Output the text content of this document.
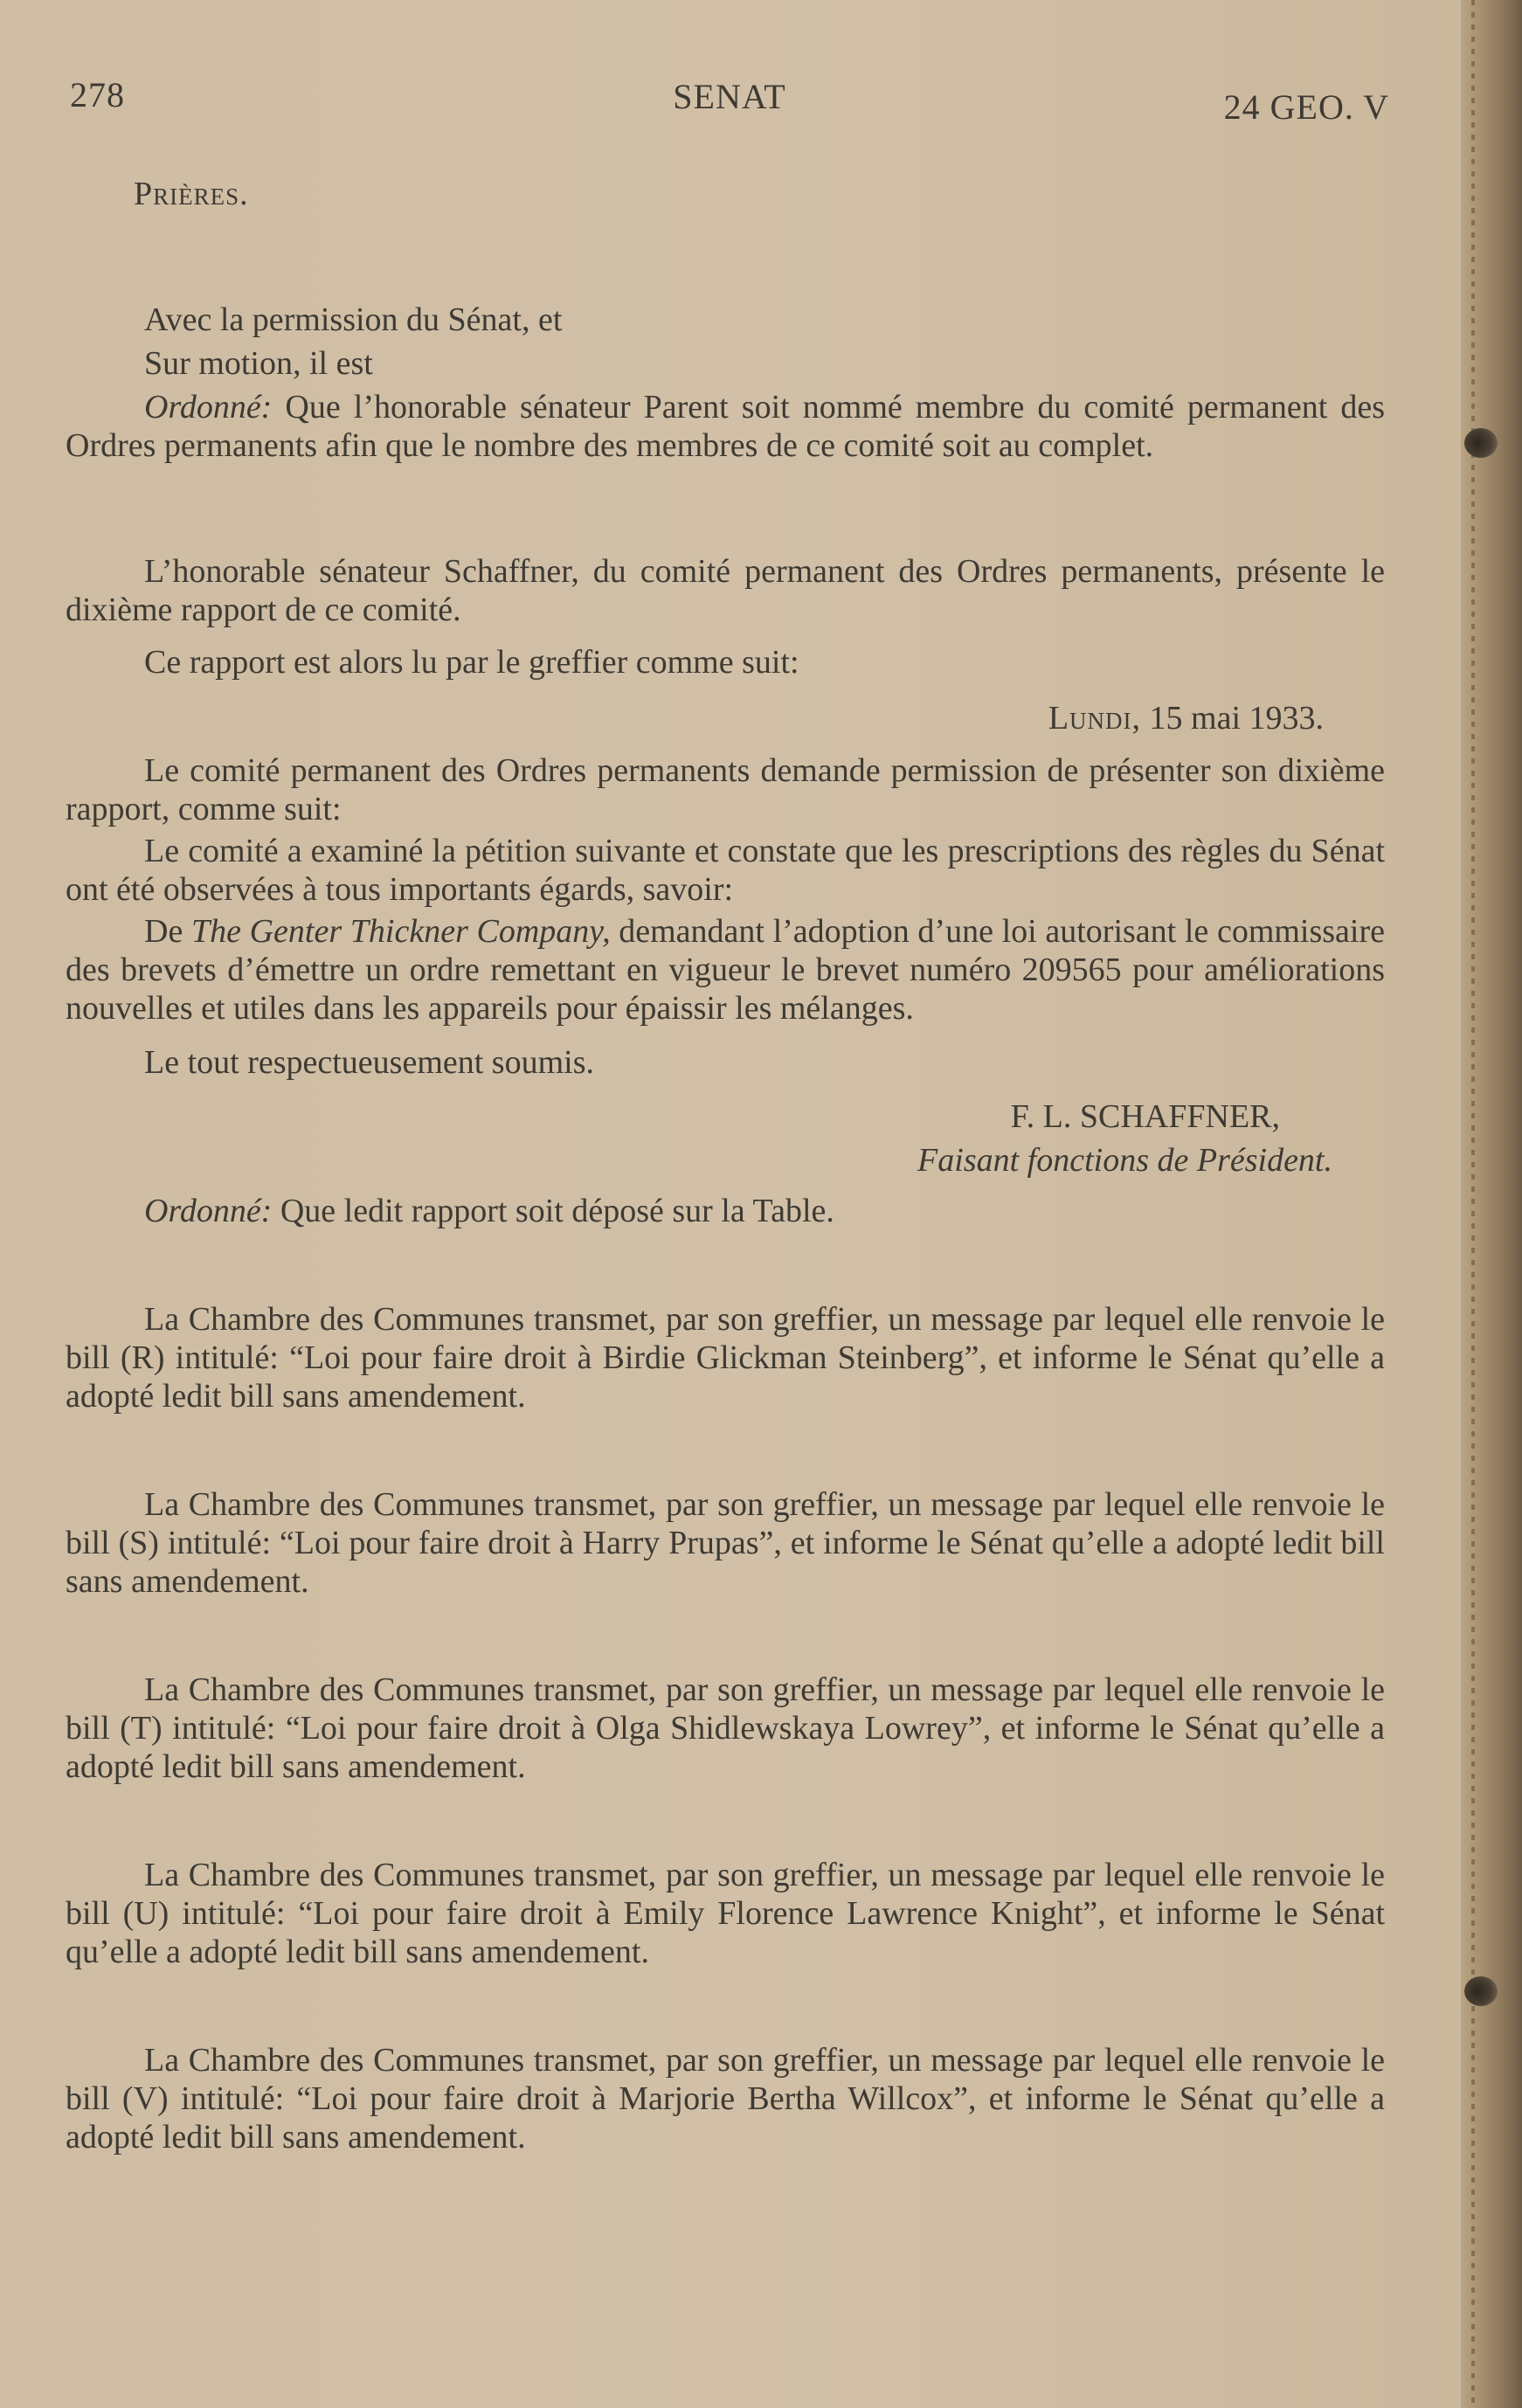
278	SENAT	24 GEO. V

Prières.

Avec la permission du Sénat, et

Sur motion, il est

Ordonné: Que l’honorable sénateur Parent soit nommé membre du comité permanent des Ordres permanents afin que le nombre des membres de ce comité soit au complet.

L’honorable sénateur Schaffner, du comité permanent des Ordres permanents, présente le dixième rapport de ce comité.

Ce rapport est alors lu par le greffier comme suit:

Lundi, 15 mai 1933.

Le comité permanent des Ordres permanents demande permission de présenter son dixième rapport, comme suit:

Le comité a examiné la pétition suivante et constate que les prescriptions des règles du Sénat ont été observées à tous importants égards, savoir:

De The Genter Thickner Company, demandant l’adoption d’une loi autorisant le commissaire des brevets d’émettre un ordre remettant en vigueur le brevet numéro 209565 pour améliorations nouvelles et utiles dans les appareils pour épaissir les mélanges.

Le tout respectueusement soumis.

F. L. SCHAFFNER,

Faisant fonctions de Président.

Ordonné: Que ledit rapport soit déposé sur la Table.

La Chambre des Communes transmet, par son greffier, un message par lequel elle renvoie le bill (R) intitulé: “Loi pour faire droit à Birdie Glickman Steinberg”, et informe le Sénat qu’elle a adopté ledit bill sans amendement.

La Chambre des Communes transmet, par son greffier, un message par lequel elle renvoie le bill (S) intitulé: “Loi pour faire droit à Harry Prupas”, et informe le Sénat qu’elle a adopté ledit bill sans amendement.

La Chambre des Communes transmet, par son greffier, un message par lequel elle renvoie le bill (T) intitulé: “Loi pour faire droit à Olga Shidlewskaya Lowrey”, et informe le Sénat qu’elle a adopté ledit bill sans amendement.

La Chambre des Communes transmet, par son greffier, un message par lequel elle renvoie le bill (U) intitulé: “Loi pour faire droit à Emily Florence Lawrence Knight”, et informe le Sénat qu’elle a adopté ledit bill sans amendement.

La Chambre des Communes transmet, par son greffier, un message par lequel elle renvoie le bill (V) intitulé: “Loi pour faire droit à Marjorie Bertha Willcox”, et informe le Sénat qu’elle a adopté ledit bill sans amendement.
